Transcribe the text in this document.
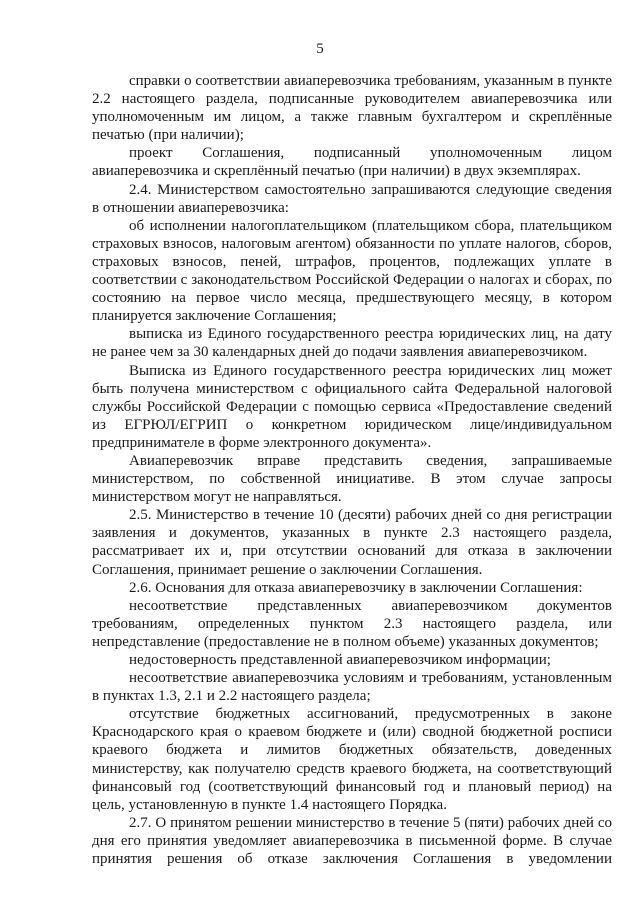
5

справки о соответствии авиаперевозчика требованиям, указанным в пункте 2.2 настоящего раздела, подписанные руководителем авиаперевозчика или уполномоченным им лицом, а также главным бухгалтером и скреплённые печатью (при наличии);

проект Соглашения, подписанный уполномоченным лицом авиаперевозчика и скреплённый печатью (при наличии) в двух экземплярах.

2.4. Министерством самостоятельно запрашиваются следующие сведения в отношении авиаперевозчика:

об исполнении налогоплательщиком (плательщиком сбора, плательщиком страховых взносов, налоговым агентом) обязанности по уплате налогов, сборов, страховых взносов, пеней, штрафов, процентов, подлежащих уплате в соответствии с законодательством Российской Федерации о налогах и сборах, по состоянию на первое число месяца, предшествующего месяцу, в котором планируется заключение Соглашения;

выписка из Единого государственного реестра юридических лиц, на дату не ранее чем за 30 календарных дней до подачи заявления авиаперевозчиком.

Выписка из Единого государственного реестра юридических лиц может быть получена министерством с официального сайта Федеральной налоговой службы Российской Федерации с помощью сервиса «Предоставление сведений из ЕГРЮЛ/ЕГРИП о конкретном юридическом лице/индивидуальном предпринимателе в форме электронного документа».

Авиаперевозчик вправе представить сведения, запрашиваемые министерством, по собственной инициативе. В этом случае запросы министерством могут не направляться.

2.5. Министерство в течение 10 (десяти) рабочих дней со дня регистрации заявления и документов, указанных в пункте 2.3 настоящего раздела, рассматривает их и, при отсутствии оснований для отказа в заключении Соглашения, принимает решение о заключении Соглашения.

2.6. Основания для отказа авиаперевозчику в заключении Соглашения:

несоответствие представленных авиаперевозчиком документов требованиям, определенных пунктом 2.3 настоящего раздела, или непредставление (предоставление не в полном объеме) указанных документов;

недостоверность представленной авиаперевозчиком информации;

несоответствие авиаперевозчика условиям и требованиям, установленным в пунктах 1.3, 2.1 и 2.2 настоящего раздела;

отсутствие бюджетных ассигнований, предусмотренных в законе Краснодарского края о краевом бюджете и (или) сводной бюджетной росписи краевого бюджета и лимитов бюджетных обязательств, доведенных министерству, как получателю средств краевого бюджета, на соответствующий финансовый год (соответствующий финансовый год и плановый период) на цель, установленную в пункте 1.4 настоящего Порядка.

2.7. О принятом решении министерство в течение 5 (пяти) рабочих дней со дня его принятия уведомляет авиаперевозчика в письменной форме. В случае принятия решения об отказе заключения Соглашения в уведомлении
